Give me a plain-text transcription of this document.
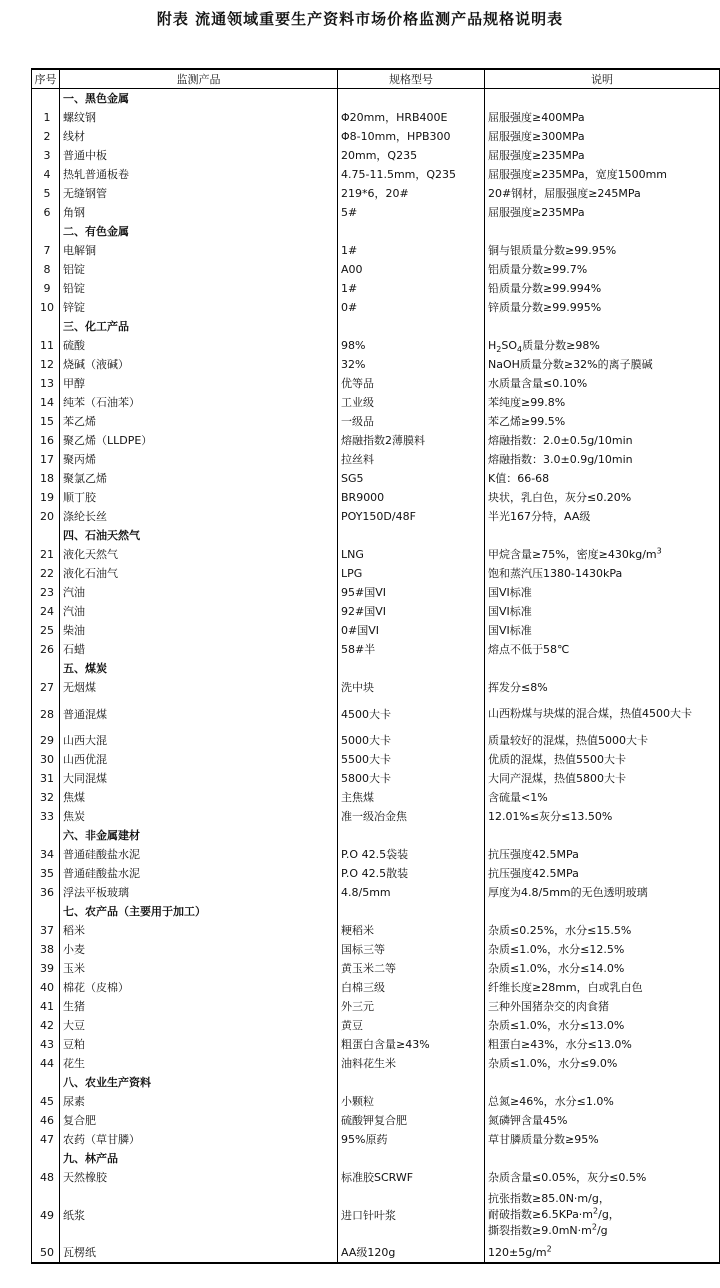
附表 流通领域重要生产资料市场价格监测产品规格说明表
序号	监测产品	规格型号	说明
	一、黑色金属		
1	螺纹钢	Φ20mm，HRB400E	屈服强度≥400MPa
2	线材	Φ8-10mm，HPB300	屈服强度≥300MPa
3	普通中板	20mm，Q235	屈服强度≥235MPa
4	热轧普通板卷	4.75-11.5mm，Q235	屈服强度≥235MPa，宽度1500mm
5	无缝钢管	219*6，20#	20#钢材，屈服强度≥245MPa
6	角钢	5#	屈服强度≥235MPa
	二、有色金属		
7	电解铜	1#	铜与银质量分数≥99.95%
8	铝锭	A00	铝质量分数≥99.7%
9	铅锭	1#	铅质量分数≥99.994%
10	锌锭	0#	锌质量分数≥99.995%
	三、化工产品		
11	硫酸	98%	$H_2SO_4$质量分数≥98%
12	烧碱（液碱）	32%	NaOH质量分数≥32%的离子膜碱
13	甲醇	优等品	水质量含量≤0.10%
14	纯苯（石油苯）	工业级	苯纯度≥99.8%
15	苯乙烯	一级品	苯乙烯≥99.5%
16	聚乙烯（LLDPE）	熔融指数2薄膜料	熔融指数：2.0±0.5g/10min
17	聚丙烯	拉丝料	熔融指数：3.0±0.9g/10min
18	聚氯乙烯	SG5	K值：66-68
19	顺丁胶	BR9000	块状，乳白色，灰分≤0.20%
20	涤纶长丝	POY150D/48F	半光167分特，AA级
	四、石油天然气		
21	液化天然气	LNG	甲烷含量≥75%，密度$\ge 430kg/m^3$
22	液化石油气	LPG	饱和蒸汽压1380-1430kPa
23	汽油	95#国VI	国VI标准
24	汽油	92#国VI	国VI标准
25	柴油	0#国VI	国VI标准
26	石蜡	58#半	熔点不低于58℃
	五、煤炭		
27	无烟煤	洗中块	挥发分≤8%
28	普通混煤	4500大卡	山西粉煤与块煤的混合煤，热值4500大卡
29	山西大混	5000大卡	质量较好的混煤，热值5000大卡
30	山西优混	5500大卡	优质的混煤，热值5500大卡
31	大同混煤	5800大卡	大同产混煤，热值5800大卡
32	焦煤	主焦煤	含硫量<1%
33	焦炭	准一级冶金焦	12.01%≤灰分≤13.50%
	六、非金属建材		
34	普通硅酸盐水泥	P.O 42.5袋装	抗压强度42.5MPa
35	普通硅酸盐水泥	P.O 42.5散装	抗压强度42.5MPa
36	浮法平板玻璃	4.8/5mm	厚度为4.8/5mm的无色透明玻璃
	七、农产品（主要用于加工）		
37	稻米	粳稻米	杂质≤0.25%，水分≤15.5%
38	小麦	国标三等	杂质≤1.0%，水分≤12.5%
39	玉米	黄玉米二等	杂质≤1.0%，水分≤14.0%
40	棉花（皮棉）	白棉三级	纤维长度≥28mm，白或乳白色
41	生猪	外三元	三种外国猪杂交的肉食猪
42	大豆	黄豆	杂质≤1.0%，水分≤13.0%
43	豆粕	粗蛋白含量≥43%	粗蛋白≥43%，水分≤13.0%
44	花生	油料花生米	杂质≤1.0%，水分≤9.0%
	八、农业生产资料		
45	尿素	小颗粒	总氮≥46%，水分≤1.0%
46	复合肥	硫酸钾复合肥	氮磷钾含量45%
47	农药（草甘膦）	95%原药	草甘膦质量分数≥95%
	九、林产品		
48	天然橡胶	标准胶SCRWF	杂质含量≤0.05%，灰分≤0.5%
49	纸浆	进口针叶浆	抗张指数≥85.0N·m/g，
耐破指数$\ge 6.5KPa\cdot m^2/g$，
撕裂指数$\ge 9.0mN\cdot m^2/g$

50	瓦楞纸	AA级120g	$120\pm 5g/m^2$
